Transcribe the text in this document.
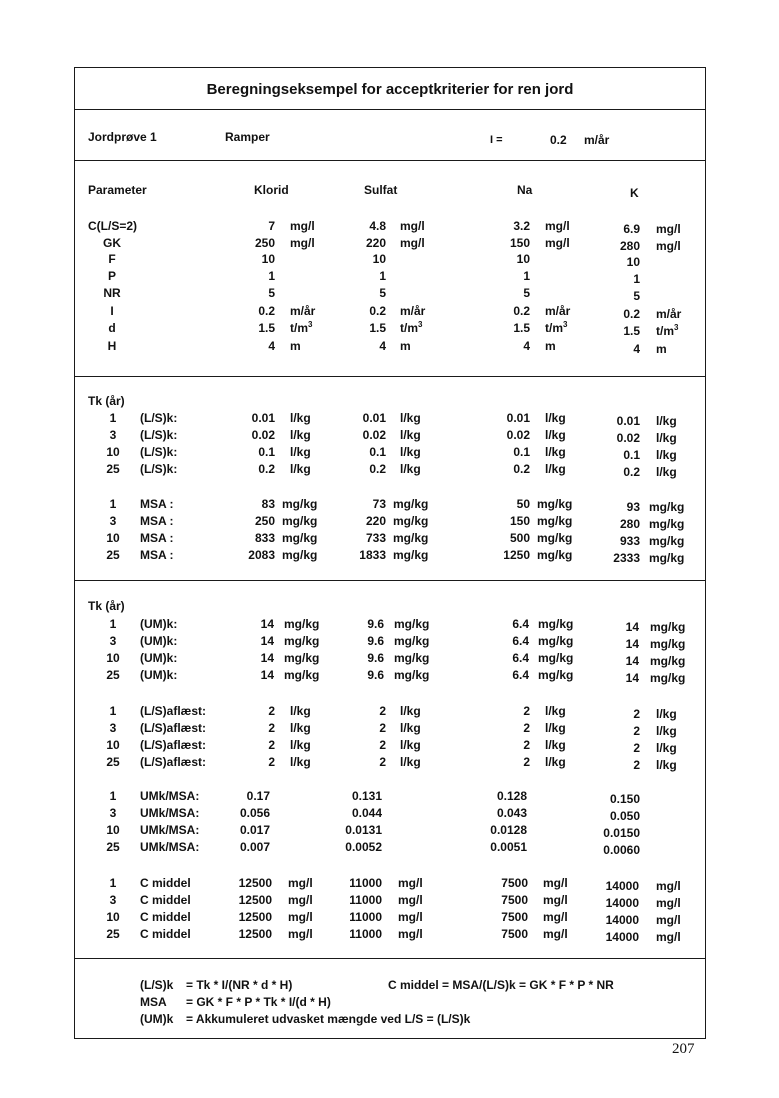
Beregningseksempel for acceptkriterier for ren jord
Jordprøve 1	Ramper	I =	0.2 m/år
Parameter	Klorid	Sulfat	Na	K
C(L/S=2)	7 mg/l	4.8 mg/l	3.2 mg/l	6.9 mg/l
GK	250 mg/l	220 mg/l	150 mg/l	280 mg/l
F	10	10	10	10
P	1	1	1	1
NR	5	5	5	5
I	0.2 m/år	0.2 m/år	0.2 m/år	0.2 m/år
d	1.5 $t/m^3$	1.5 $t/m^3$	1.5 $t/m^3$	1.5 $t/m^3$
H	4 m	4 m	4 m	4 m
Tk (år)
Tk (år)
1	(L/S)k:	0.01 l/kg	0.01 l/kg	0.01 l/kg	0.01 l/kg
3	(L/S)k:	0.02 l/kg	0.02 l/kg	0.02 l/kg	0.02 l/kg
10	(L/S)k:	0.1 l/kg	0.1 l/kg	0.1 l/kg	0.1 l/kg
25	(L/S)k:	0.2 l/kg	0.2 l/kg	0.2 l/kg	0.2 l/kg
1	MSA :	83 mg/kg	73 mg/kg	50 mg/kg	93 mg/kg
3	MSA :	250 mg/kg	220 mg/kg	150 mg/kg	280 mg/kg
10	MSA :	833 mg/kg	733 mg/kg	500 mg/kg	933 mg/kg
25	MSA :	2083 mg/kg	1833 mg/kg	1250 mg/kg	2333 mg/kg
1	(UM)k:	14 mg/kg	9.6 mg/kg	6.4 mg/kg	14 mg/kg
3	(UM)k:	14 mg/kg	9.6 mg/kg	6.4 mg/kg	14 mg/kg
10	(UM)k:	14 mg/kg	9.6 mg/kg	6.4 mg/kg	14 mg/kg
25	(UM)k:	14 mg/kg	9.6 mg/kg	6.4 mg/kg	14 mg/kg
1	(L/S)aflæst:	2 l/kg	2 l/kg	2 l/kg	2 l/kg
3	(L/S)aflæst:	2 l/kg	2 l/kg	2 l/kg	2 l/kg
10	(L/S)aflæst:	2 l/kg	2 l/kg	2 l/kg	2 l/kg
25	(L/S)aflæst:	2 l/kg	2 l/kg	2 l/kg	2 l/kg
1	UMk/MSA:	0.17	0.131	0.128	0.150
3	UMk/MSA:	0.056	0.044	0.043	0.050
10	UMk/MSA:	0.017	0.0131	0.0128	0.0150
25	UMk/MSA:	0.007	0.0052	0.0051	0.0060
1	C middel	12500 mg/l	11000 mg/l	7500 mg/l	14000 mg/l
3	C middel	12500 mg/l	11000 mg/l	7500 mg/l	14000 mg/l
10	C middel	12500 mg/l	11000 mg/l	7500 mg/l	14000 mg/l
25	C middel	12500 mg/l	11000 mg/l	7500 mg/l	14000 mg/l
(L/S)k = Tk * I/(NR * d * H)	C middel = MSA/(L/S)k = GK * F * P * NR
MSA = GK * F * P * Tk * I/(d * H)
(UM)k = Akkumuleret udvasket mængde ved L/S = (L/S)k
207
